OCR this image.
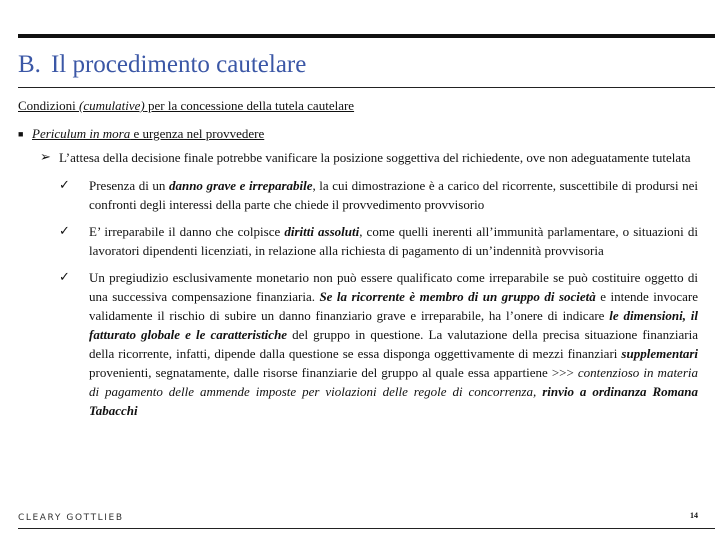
B. Il procedimento cautelare
Condizioni (cumulative) per la concessione della tutela cautelare
■ Periculum in mora e urgenza nel provvedere
➢ L’attesa della decisione finale potrebbe vanificare la posizione soggettiva del richiedente, ove non adeguatamente tutelata
✓ Presenza di un danno grave e irreparabile, la cui dimostrazione è a carico del ricorrente, suscettibile di prodursi nei confronti degli interessi della parte che chiede il provvedimento provvisorio
✓ E’ irreparabile il danno che colpisce diritti assoluti, come quelli inerenti all’immunità parlamentare, o situazioni di lavoratori dipendenti licenziati, in relazione alla richiesta di pagamento di un’indennità provvisoria
✓ Un pregiudizio esclusivamente monetario non può essere qualificato come irreparabile se può costituire oggetto di una successiva compensazione finanziaria. Se la ricorrente è membro di un gruppo di società e intende invocare validamente il rischio di subire un danno finanziario grave e irreparabile, ha l’onere di indicare le dimensioni, il fatturato globale e le caratteristiche del gruppo in questione. La valutazione della precisa situazione finanziaria della ricorrente, infatti, dipende dalla questione se essa disponga oggettivamente di mezzi finanziari supplementari provenienti, segnatamente, dalle risorse finanziarie del gruppo al quale essa appartiene >>> contenzioso in materia di pagamento delle ammende imposte per violazioni delle regole di concorrenza, rinvio a ordinanza Romana Tabacchi
CLEARY GOTTLIEB	14
